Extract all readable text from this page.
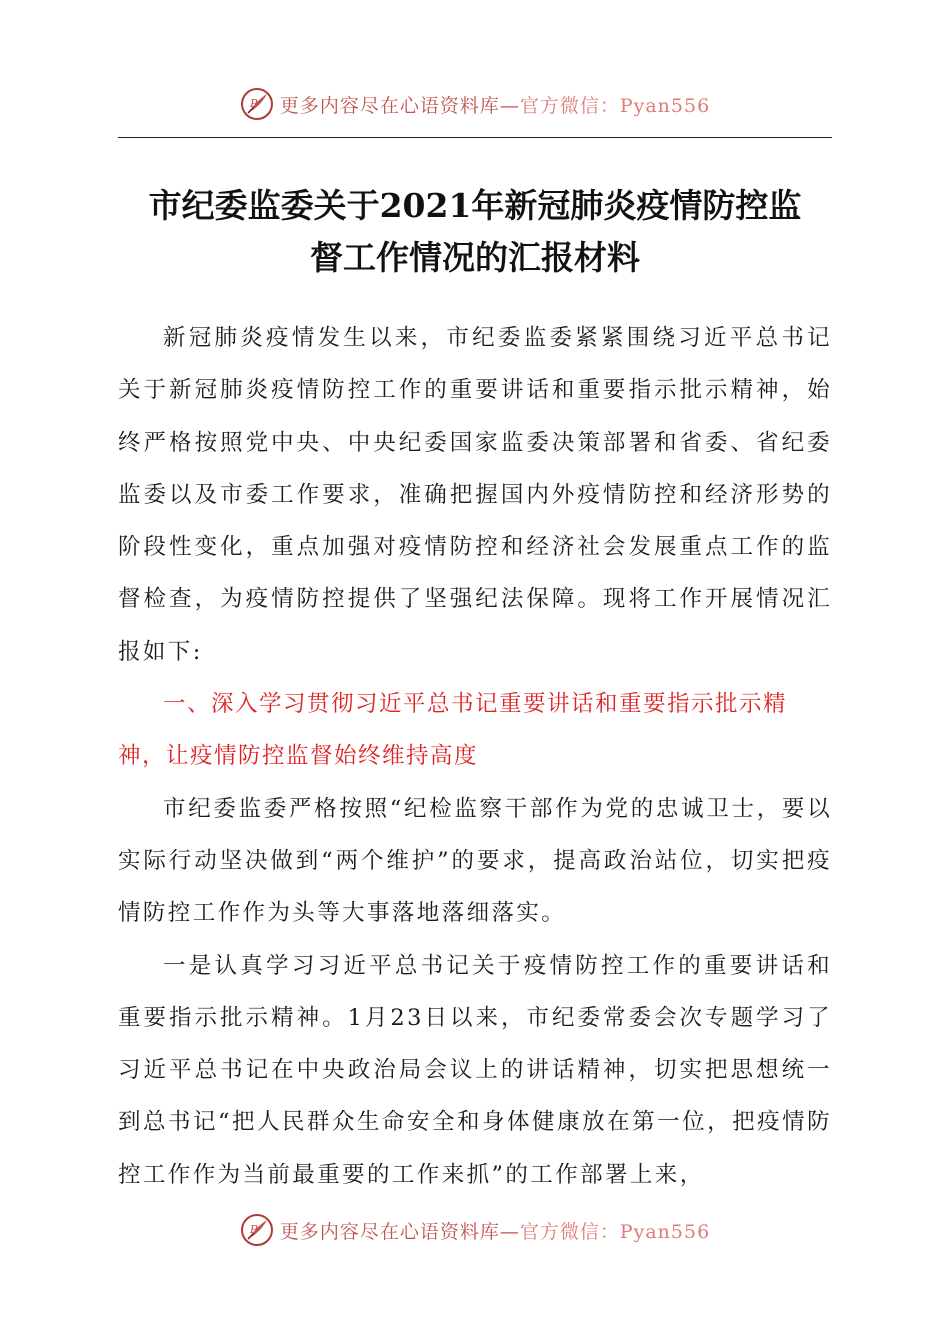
P 更多内容尽在心语资料库—官方微信：Pyan556
市纪委监委关于2021年新冠肺炎疫情防控监
督工作情况的汇报材料

新冠肺炎疫情发生以来，市纪委监委紧紧围绕习近平总书记关于新冠肺炎疫情防控工作的重要讲话和重要指示批示精神，始终严格按照党中央、中央纪委国家监委决策部署和省委、省纪委监委以及市委工作要求，准确把握国内外疫情防控和经济形势的阶段性变化，重点加强对疫情防控和经济社会发展重点工作的监督检查，为疫情防控提供了坚强纪法保障。现将工作开展情况汇报如下:

一、深入学习贯彻习近平总书记重要讲话和重要指示批示精神，让疫情防控监督始终维持高度

市纪委监委严格按照“纪检监察干部作为党的忠诚卫士，要以实际行动坚决做到“两个维护”的要求，提高政治站位，切实把疫情防控工作作为头等大事落地落细落实。

一是认真学习习近平总书记关于疫情防控工作的重要讲话和重要指示批示精神。1月23日以来，市纪委常委会次专题学习了习近平总书记在中央政治局会议上的讲话精神，切实把思想统一到总书记“把人民群众生命安全和身体健康放在第一位，把疫情防控工作作为当前最重要的工作来抓”的工作部署上来，

P 更多内容尽在心语资料库—官方微信：Pyan556
